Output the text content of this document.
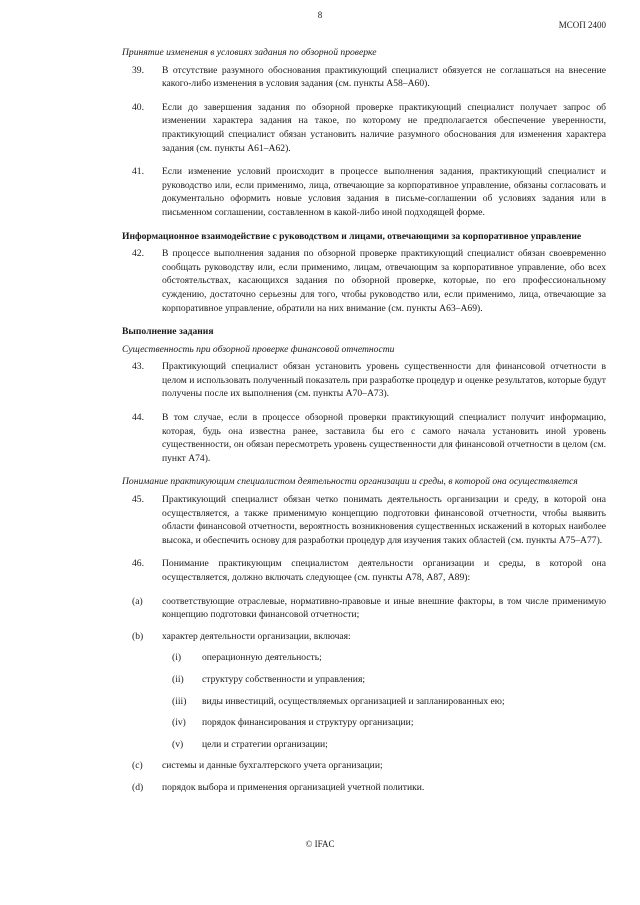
8
МСОП 2400
Принятие изменения в условиях задания по обзорной проверке
39.	В отсутствие разумного обоснования практикующий специалист обязуется не соглашаться на внесение какого-либо изменения в условия задания (см. пункты А58–А60).
40.	Если до завершения задания по обзорной проверке практикующий специалист получает запрос об изменении характера задания на такое, по которому не предполагается обеспечение уверенности, практикующий специалист обязан установить наличие разумного обоснования для изменения характера задания (см. пункты А61–А62).
41.	Если изменение условий происходит в процессе выполнения задания, практикующий специалист и руководство или, если применимо, лица, отвечающие за корпоративное управление, обязаны согласовать и документально оформить новые условия задания в письме-соглашении об условиях задания или в письменном соглашении, составленном в какой-либо иной подходящей форме.
Информационное взаимодействие с руководством и лицами, отвечающими за корпоративное управление
42.	В процессе выполнения задания по обзорной проверке практикующий специалист обязан своевременно сообщать руководству или, если применимо, лицам, отвечающим за корпоративное управление, обо всех обстоятельствах, касающихся задания по обзорной проверке, которые, по его профессиональному суждению, достаточно серьезны для того, чтобы руководство или, если применимо, лица, отвечающие за корпоративное управление, обратили на них внимание (см. пункты А63–А69).
Выполнение задания
Существенность при обзорной проверке финансовой отчетности
43.	Практикующий специалист обязан установить уровень существенности для финансовой отчетности в целом и использовать полученный показатель при разработке процедур и оценке результатов, которые будут получены после их выполнения (см. пункты А70–А73).
44.	В том случае, если в процессе обзорной проверки практикующий специалист получит информацию, которая, будь она известна ранее, заставила бы его с самого начала установить иной уровень существенности, он обязан пересмотреть уровень существенности для финансовой отчетности в целом (см. пункт А74).
Понимание практикующим специалистом деятельности организации и среды, в которой она осуществляется
45.	Практикующий специалист обязан четко понимать деятельность организации и среду, в которой она осуществляется, а также применимую концепцию подготовки финансовой отчетности, чтобы выявить области финансовой отчетности, вероятность возникновения существенных искажений в которых наиболее высока, и обеспечить основу для разработки процедур для изучения таких областей (см. пункты А75–А77).
46.	Понимание практикующим специалистом деятельности организации и среды, в которой она осуществляется, должно включать следующее (см. пункты А78, А87, А89):
(a)	соответствующие отраслевые, нормативно-правовые и иные внешние факторы, в том числе применимую концепцию подготовки финансовой отчетности;
(b)	характер деятельности организации, включая:
(i)	операционную деятельность;
(ii)	структуру собственности и управления;
(iii)	виды инвестиций, осуществляемых организацией и запланированных ею;
(iv)	порядок финансирования и структуру организации;
(v)	цели и стратегии организации;
(c)	системы и данные бухгалтерского учета организации;
(d)	порядок выбора и применения организацией учетной политики.
© IFAC
